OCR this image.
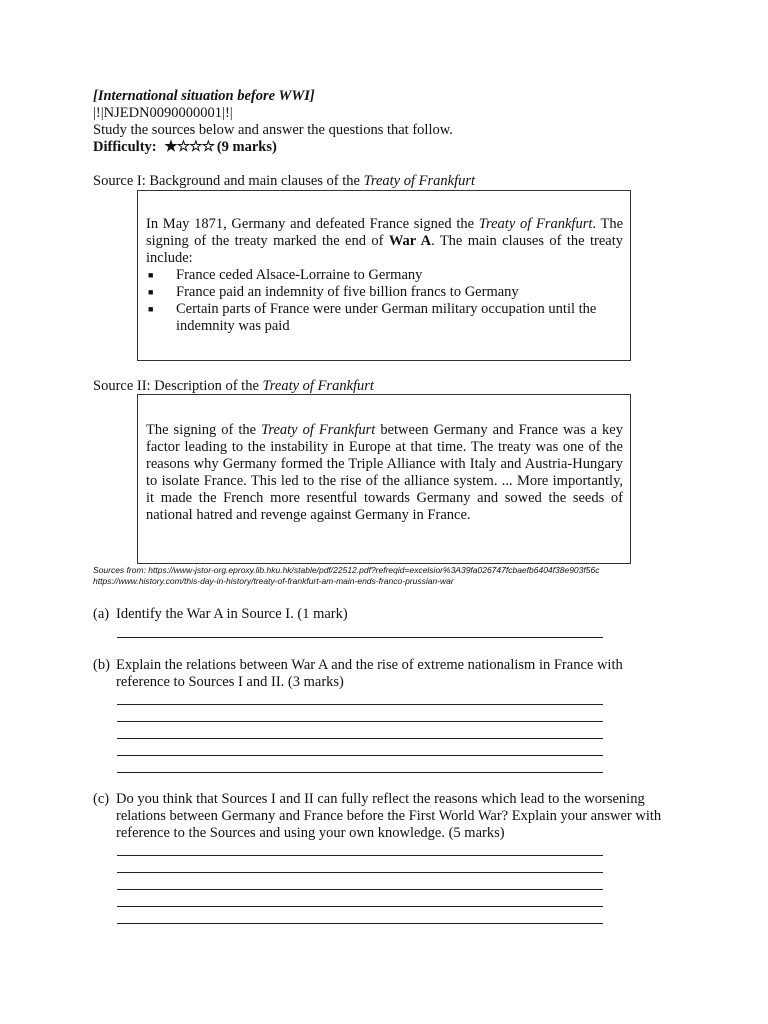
[International situation before WWI]
|!|NJEDN0090000001|!|
Study the sources below and answer the questions that follow.
Difficulty: ★☆☆☆ (9 marks)
Source I: Background and main clauses of the Treaty of Frankfurt

In May 1871, Germany and defeated France signed the Treaty of Frankfurt. The signing of the treaty marked the end of War A. The main clauses of the treaty include:

■ France ceded Alsace-Lorraine to Germany
■ France paid an indemnity of five billion francs to Germany
■ Certain parts of France were under German military occupation until the indemnity was paid
Source II: Description of the Treaty of Frankfurt

The signing of the Treaty of Frankfurt between Germany and France was a key factor leading to the instability in Europe at that time. The treaty was one of the reasons why Germany formed the Triple Alliance with Italy and Austria-Hungary to isolate France. This led to the rise of the alliance system. ... More importantly, it made the French more resentful towards Germany and sowed the seeds of national hatred and revenge against Germany in France.

Sources from: https://www-jstor-org.eproxy.lib.hku.hk/stable/pdf/22512.pdf?refreqid=excelsior%3A39fa026747fcbaefb6404f38e903f56c
https://www.history.com/this-day-in-history/treaty-of-frankfurt-am-main-ends-franco-prussian-war
(a) Identify the War A in Source I. (1 mark)
(b) Explain the relations between War A and the rise of extreme nationalism in France with reference to Sources I and II. (3 marks)
(c) Do you think that Sources I and II can fully reflect the reasons which lead to the worsening relations between Germany and France before the First World War? Explain your answer with reference to the Sources and using your own knowledge. (5 marks)
